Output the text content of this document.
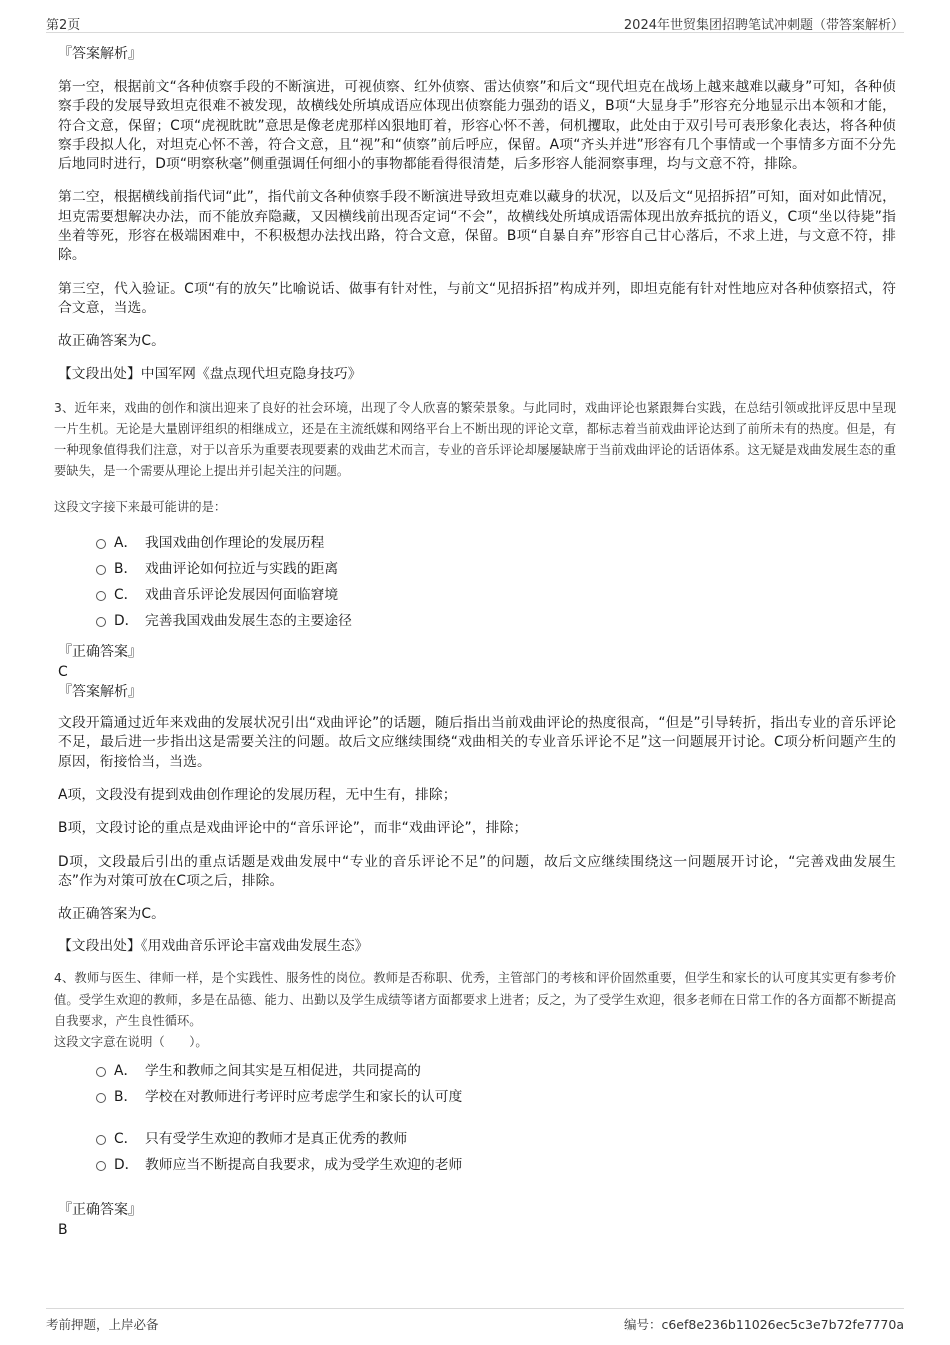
第2页	2024年世贸集团招聘笔试冲刺题（带答案解析）
『答案解析』
第一空，根据前文“各种侦察手段的不断演进，可视侦察、红外侦察、雷达侦察”和后文“现代坦克在战场上越来越难以藏身”可知，各种侦察手段的发展导致坦克很难不被发现，故横线处所填成语应体现出侦察能力强劲的语义，B项“大显身手”形容充分地显示出本领和才能，符合文意，保留；C项“虎视眈眈”意思是像老虎那样凶狠地盯着，形容心怀不善，伺机攫取，此处由于双引号可表形象化表达，将各种侦察手段拟人化，对坦克心怀不善，符合文意，且“视”和“侦察”前后呼应，保留。A项“齐头并进”形容有几个事情或一个事情多方面不分先后地同时进行，D项“明察秋毫”侧重强调任何细小的事物都能看得很清楚，后多形容人能洞察事理，均与文意不符，排除。
第二空，根据横线前指代词“此”，指代前文各种侦察手段不断演进导致坦克难以藏身的状况，以及后文“见招拆招”可知，面对如此情况，坦克需要想解决办法，而不能放弃隐藏，又因横线前出现否定词“不会”，故横线处所填成语需体现出放弃抵抗的语义，C项“坐以待毙”指坐着等死，形容在极端困难中，不积极想办法找出路，符合文意，保留。B项“自暴自弃”形容自己甘心落后，不求上进，与文意不符，排除。
第三空，代入验证。C项“有的放矢”比喻说话、做事有针对性，与前文“见招拆招”构成并列，即坦克能有针对性地应对各种侦察招式，符合文意，当选。
故正确答案为C。
【文段出处】中国军网《盘点现代坦克隐身技巧》
3、近年来，戏曲的创作和演出迎来了良好的社会环境，出现了令人欣喜的繁荣景象。与此同时，戏曲评论也紧跟舞台实践，在总结引领或批评反思中呈现一片生机。无论是大量剧评组织的相继成立，还是在主流纸媒和网络平台上不断出现的评论文章，都标志着当前戏曲评论达到了前所未有的热度。但是，有一种现象值得我们注意，对于以音乐为重要表现要素的戏曲艺术而言，专业的音乐评论却屡屡缺席于当前戏曲评论的话语体系。这无疑是戏曲发展生态的重要缺失，是一个需要从理论上提出并引起关注的问题。
这段文字接下来最可能讲的是：
A． 我国戏曲创作理论的发展历程
B． 戏曲评论如何拉近与实践的距离
C． 戏曲音乐评论发展因何面临窘境
D． 完善我国戏曲发展生态的主要途径
『正确答案』
C
『答案解析』
文段开篇通过近年来戏曲的发展状况引出“戏曲评论”的话题，随后指出当前戏曲评论的热度很高，“但是”引导转折，指出专业的音乐评论不足，最后进一步指出这是需要关注的问题。故后文应继续围绕“戏曲相关的专业音乐评论不足”这一问题展开讨论。C项分析问题产生的原因，衔接恰当，当选。
A项，文段没有提到戏曲创作理论的发展历程，无中生有，排除；
B项，文段讨论的重点是戏曲评论中的“音乐评论”，而非“戏曲评论”，排除；
D项，文段最后引出的重点话题是戏曲发展中“专业的音乐评论不足”的问题，故后文应继续围绕这一问题展开讨论，“完善戏曲发展生态”作为对策可放在C项之后，排除。
故正确答案为C。
【文段出处】《用戏曲音乐评论丰富戏曲发展生态》
4、教师与医生、律师一样，是个实践性、服务性的岗位。教师是否称职、优秀，主管部门的考核和评价固然重要，但学生和家长的认可度其实更有参考价值。受学生欢迎的教师，多是在品德、能力、出勤以及学生成绩等诸方面都要求上进者；反之，为了受学生欢迎，很多老师在日常工作的各方面都不断提高自我要求，产生良性循环。
这段文字意在说明（　　）。
A． 学生和教师之间其实是互相促进，共同提高的
B． 学校在对教师进行考评时应考虑学生和家长的认可度
C． 只有受学生欢迎的教师才是真正优秀的教师
D． 教师应当不断提高自我要求，成为受学生欢迎的老师
『正确答案』
B
考前押题，上岸必备	编号：c6ef8e236b11026ec5c3e7b72fe7770a
